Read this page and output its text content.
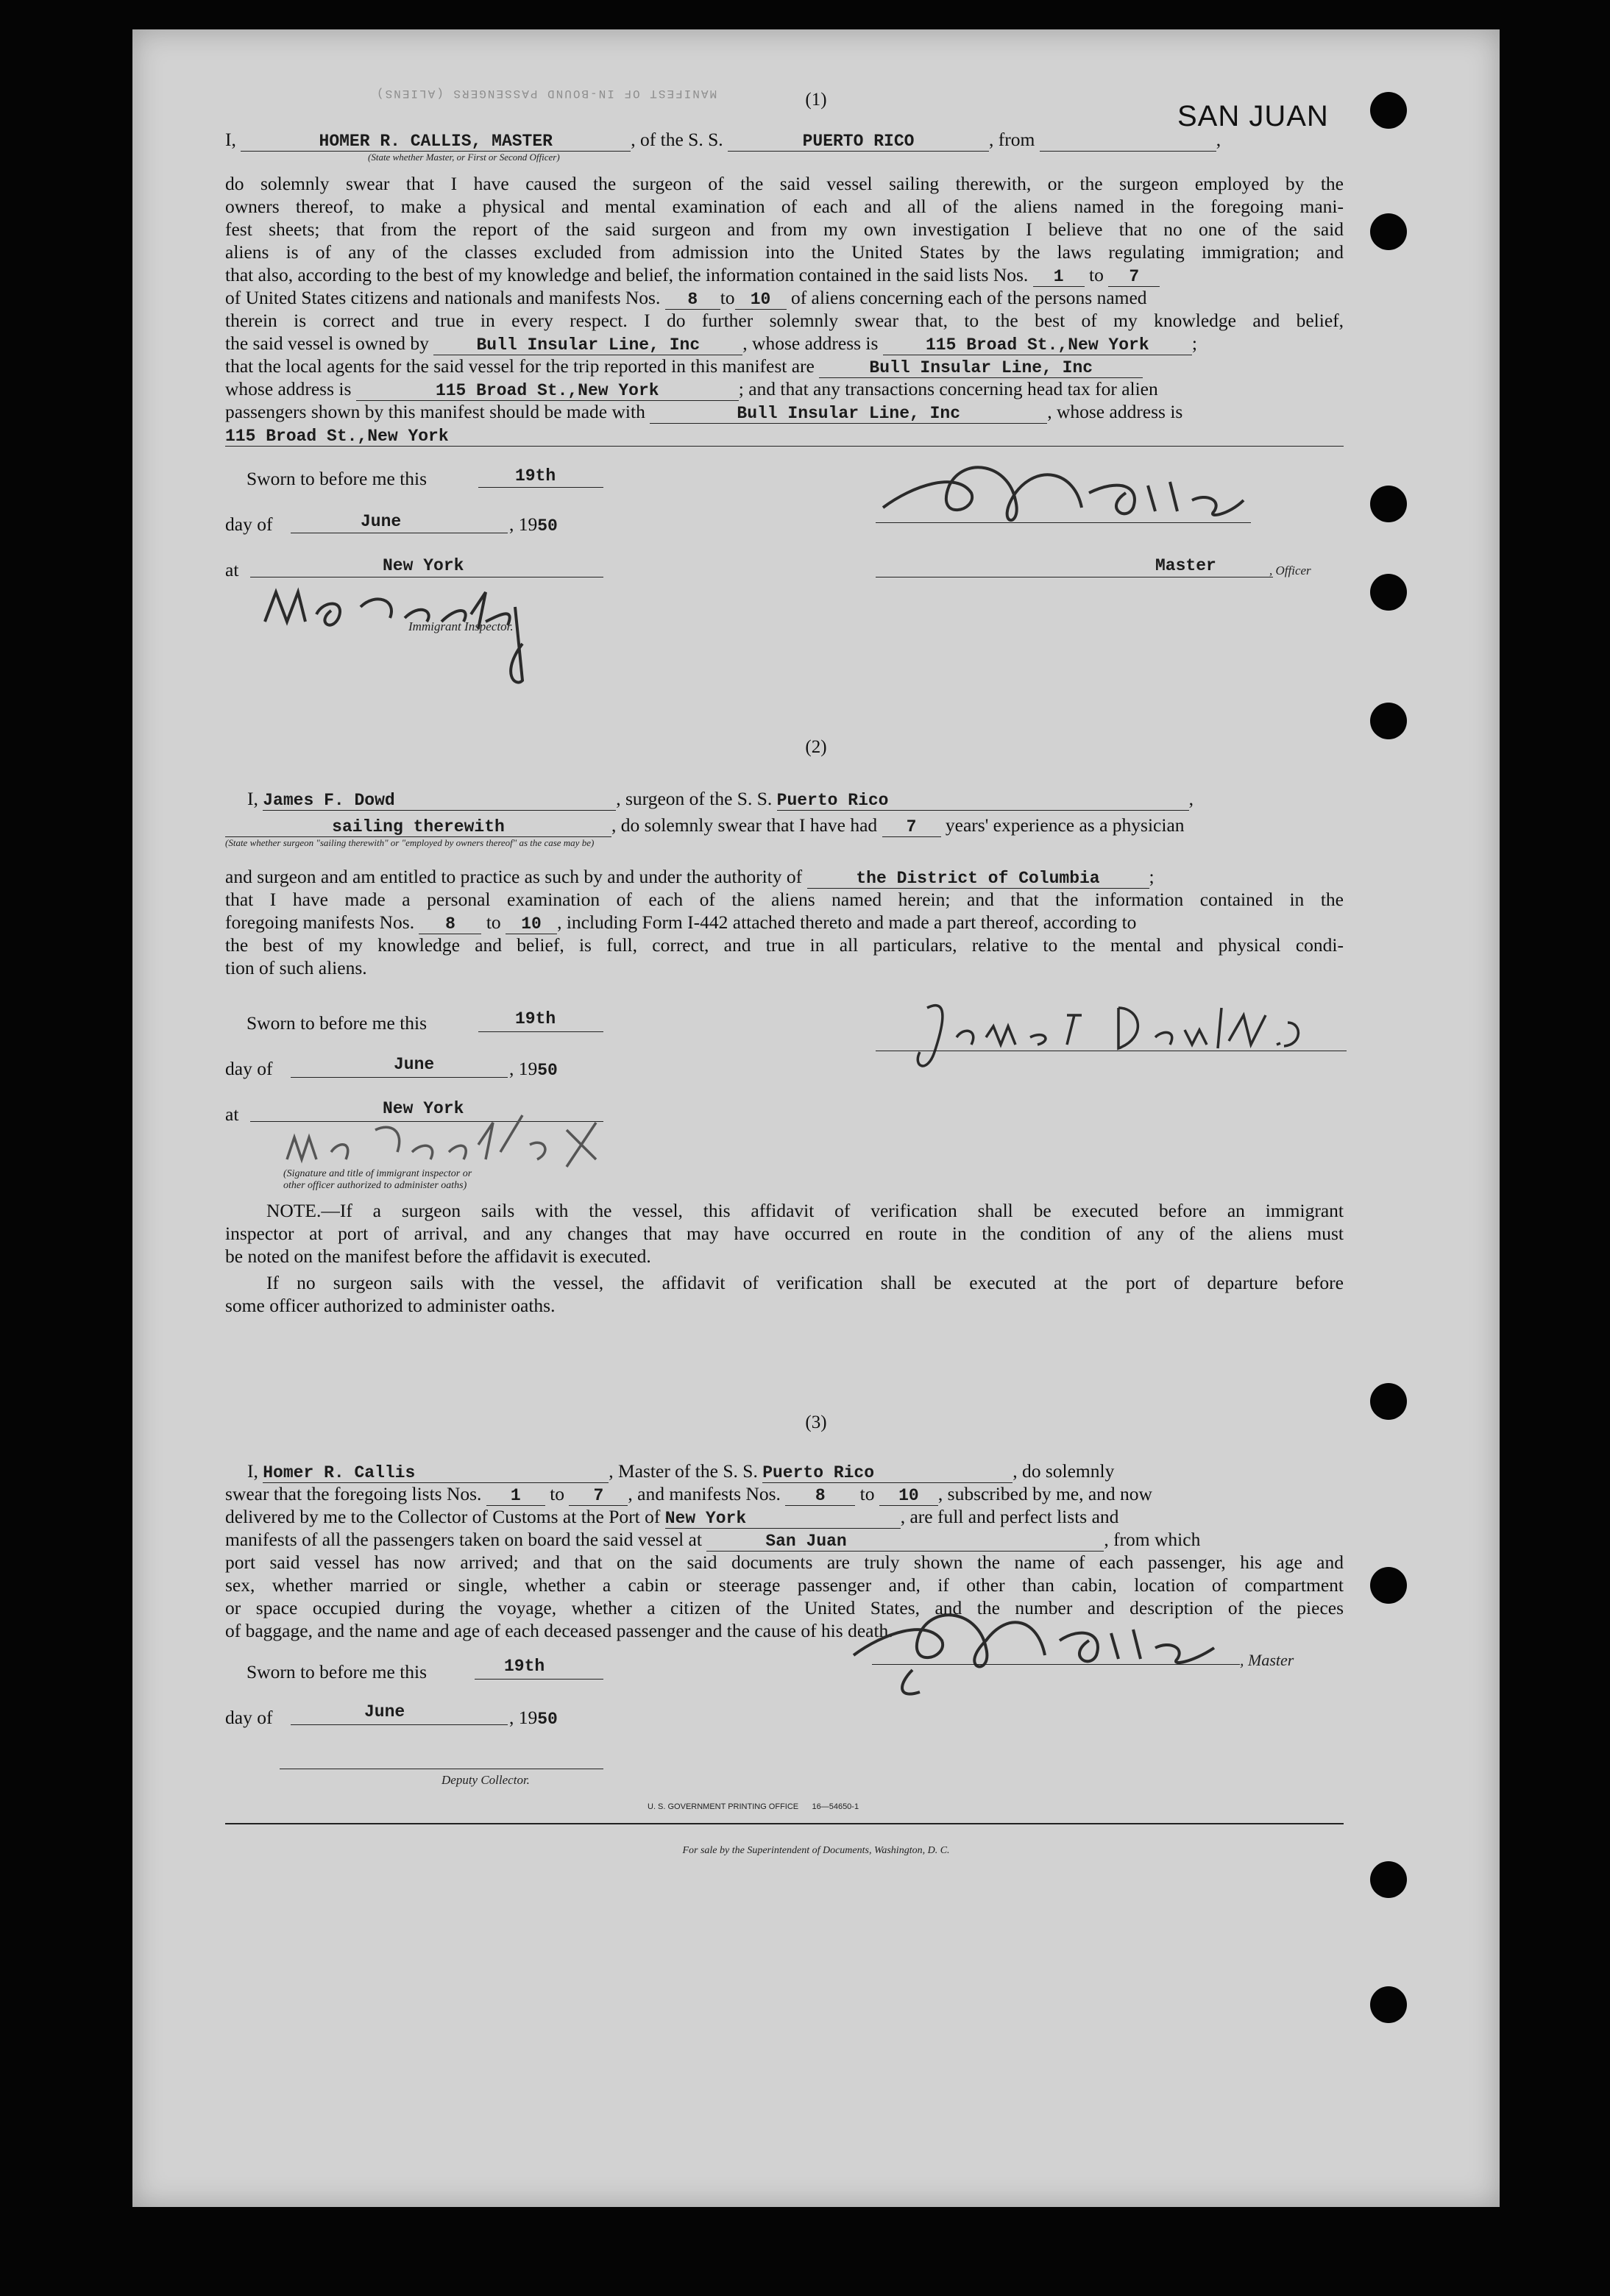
MANIFEST OF IN-BOUND PASSENGERS (ALIENS)
SAN JUAN
(1)
I,	HOMER R. CALLIS, MASTER	, of the S. S.	PUERTO RICO	, from	,
(State whether Master, or First or Second Officer)
do solemnly swear that I have caused the surgeon of the said vessel sailing therewith, or the surgeon employed by the
owners thereof, to make a physical and mental examination of each and all of the aliens named in the foregoing mani-
fest sheets; that from the report of the said surgeon and from my own investigation I believe that no one of the said
aliens is of any of the classes excluded from admission into the United States by the laws regulating immigration; and
that also, according to the best of my knowledge and belief, the information contained in the said lists Nos. 1 to 7
of United States citizens and nationals and manifests Nos. 8 to 10 of aliens concerning each of the persons named
therein is correct and true in every respect. I do further solemnly swear that, to the best of my knowledge and belief,
the said vessel is owned by	Bull Insular Line, Inc , whose address is	115 Broad St.,New York ;
that the local agents for the said vessel for the trip reported in this manifest are	Bull Insular Line, Inc
whose address is	115 Broad St.,New York	; and that any transactions concerning head tax for alien
passengers shown by this manifest should be made with	Bull Insular Line, Inc	, whose address is
115 Broad St.,New York
Sworn to before me this	19th
day of	June	, 1950
at	New York
Immigrant Inspector.
Master	, Officer
(2)
I, James F. Dowd	, surgeon of the S. S. Puerto Rico	,
sailing therewith	, do solemnly swear that I have had 7 years' experience as a physician
(State whether surgeon "sailing therewith" or "employed by owners thereof" as the case may be)
and surgeon and am entitled to practice as such by and under the authority of	the District of Columbia	;
that I have made a personal examination of each of the aliens named herein; and that the information contained in the
foregoing manifests Nos. 8 to 10 , including Form I-442 attached thereto and made a part thereof, according to
the best of my knowledge and belief, is full, correct, and true in all particulars, relative to the mental and physical condi-
tion of such aliens.
Sworn to before me this	19th
day of	June	, 1950
at	New York
(Signature and title of immigrant inspector or
other officer authorized to administer oaths)
NOTE.—If a surgeon sails with the vessel, this affidavit of verification shall be executed before an immigrant
inspector at port of arrival, and any changes that may have occurred en route in the condition of any of the aliens must
be noted on the manifest before the affidavit is executed.
If no surgeon sails with the vessel, the affidavit of verification shall be executed at the port of departure before
some officer authorized to administer oaths.
(3)
I, Homer R. Callis	, Master of the S. S. Puerto Rico	, do solemnly
swear that the foregoing lists Nos. 1 to 7 , and manifests Nos. 8 to 10 , subscribed by me, and now
delivered by me to the Collector of Customs at the Port of New York	, are full and perfect lists and
manifests of all the passengers taken on board the said vessel at	San Juan	, from which
port said vessel has now arrived; and that on the said documents are truly shown the name of each passenger, his age and
sex, whether married or single, whether a cabin or steerage passenger and, if other than cabin, location of compartment
or space occupied during the voyage, whether a citizen of the United States, and the number and description of the pieces
of baggage, and the name and age of each deceased passenger and the cause of his death.
, Master
Sworn to before me this	19th
day of	June	, 1950
Deputy Collector.
U. S. GOVERNMENT PRINTING OFFICE      16—54650-1
For sale by the Superintendent of Documents, Washington, D. C.
